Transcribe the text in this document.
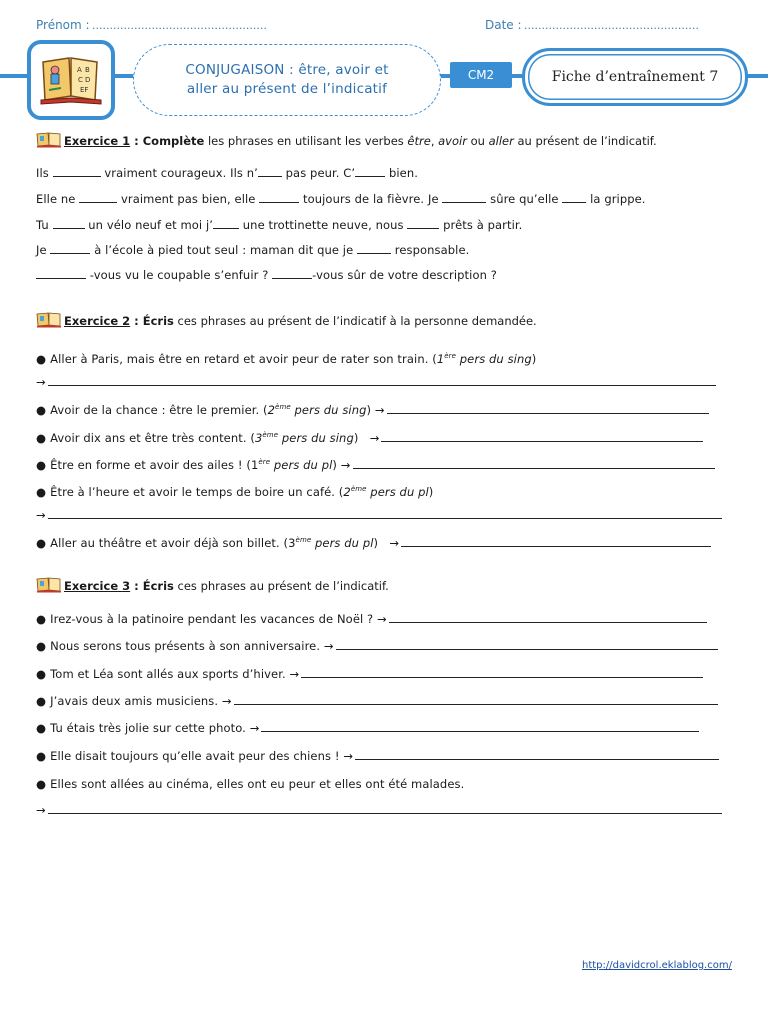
Prénom : ..................................................	Date : ..................................................
A B
C D
EF
CONJUGAISON : être, avoir et
aller au présent de l’indicatif
CM2	Fiche d’entraînement 7
Exercice 1 : Complète les phrases en utilisant les verbes être, avoir ou aller au présent de l’indicatif.
Ils	vraiment courageux. Ils n’ pas peur. C’	bien.
Elle ne	vraiment pas bien, elle	toujours de la fièvre. Je	sûre qu’elle  la grippe.
Tu	un vélo neuf et moi j’ une trottinette neuve, nous	prêts à partir.
Je	à l’école à pied tout seul : maman dit que je	responsable.
-vous vu le coupable s’enfuir ?	-vous sûr de votre description ?
Exercice 2 : Écris ces phrases au présent de l’indicatif à la personne demandée.
● Aller à Paris, mais être en retard et avoir peur de rater son train. (1ère pers du sing)
→
● Avoir de la chance : être le premier. (2ème pers du sing) →
● Avoir dix ans et être très content. (3ème pers du sing) →
● Être en forme et avoir des ailes ! (1ère pers du pl) →
● Être à l’heure et avoir le temps de boire un café. (2ème pers du pl)
→
● Aller au théâtre et avoir déjà son billet. (3ème pers du pl) →
Exercice 3 : Écris ces phrases au présent de l’indicatif.
● Irez-vous à la patinoire pendant les vacances de Noël ? →
● Nous serons tous présents à son anniversaire. →
● Tom et Léa sont allés aux sports d’hiver. →
● J’avais deux amis musiciens. →
● Tu étais très jolie sur cette photo. →
● Elle disait toujours qu’elle avait peur des chiens ! →
● Elles sont allées au cinéma, elles ont eu peur et elles ont été malades.
→
http://davidcrol.eklablog.com/
